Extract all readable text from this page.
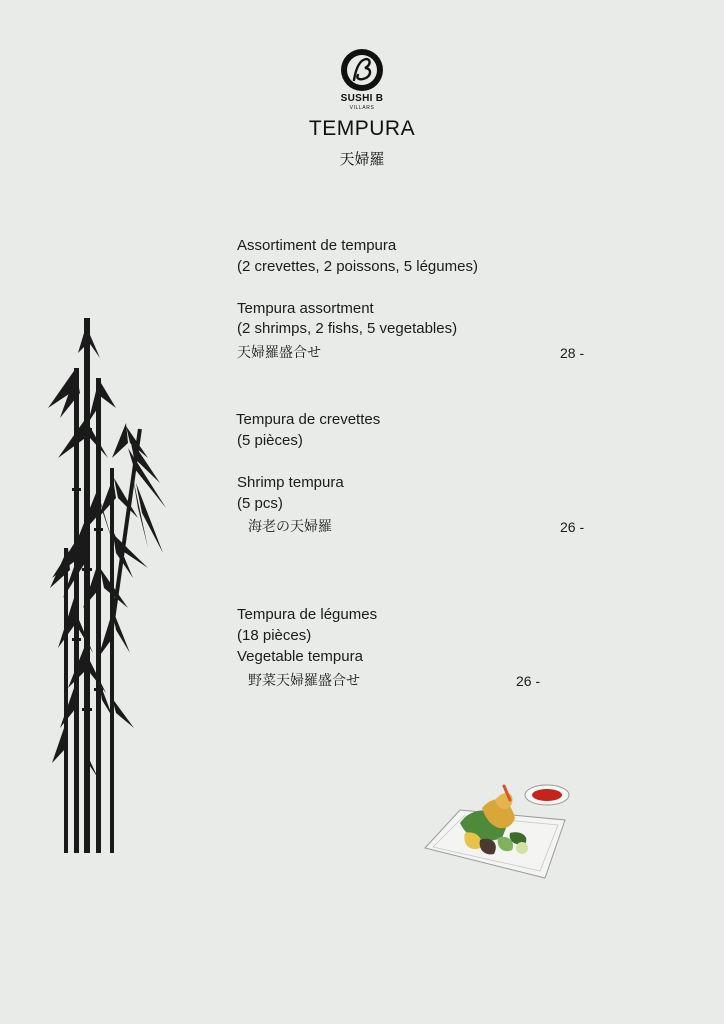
SUSHI B
VILLARS
TEMPURA
天婦羅
Assortiment de tempura
(2 crevettes, 2 poissons, 5 légumes)
Tempura assortment
(2 shrimps, 2 fishs, 5 vegetables)
天婦羅盛合せ	28 -
Tempura de crevettes
(5 pièces)
Shrimp tempura
(5 pcs)
海老の天婦羅	26 -
Tempura de légumes
(18 pièces)
Vegetable tempura
野菜天婦羅盛合せ	26 -
